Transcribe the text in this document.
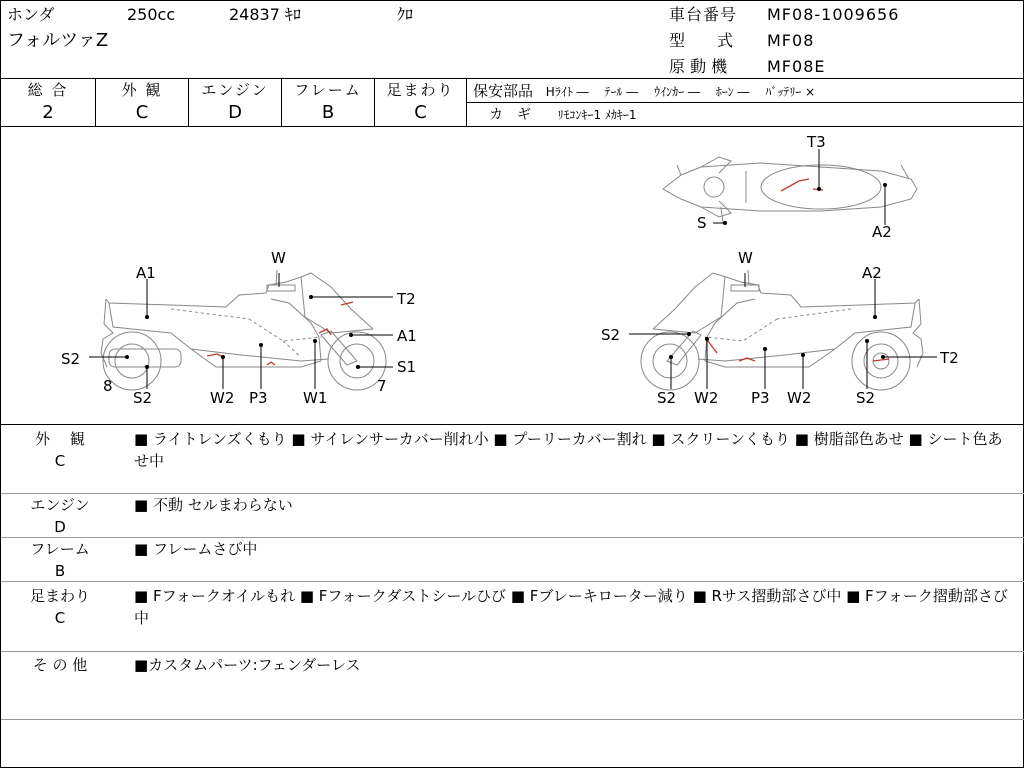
ホンダ	250cc	24837 ｷﾛ	ｸﾛ
フォルツァZ
車台番号 MF08-1009656
型　　式 MF08
原 動 機 MF08E
総 合
2
外 観
C
エンジン
D
フレーム
B
足まわり
C
保安部品 Hﾗｲﾄ ―　 ﾃｰﾙ ―　 ｳｲﾝｶｰ ―　 ﾎｰﾝ ―　 ﾊﾞｯﾃﾘｰ ×
カ　ギ ﾘﾓｺﾝｷｰ1 ﾒｶｷｰ1
A1
W
T2
A1
S1
S2
8
S2	W2 P3 W1
7
W
A2
S2
T2
S2 W2 P3 W2	S2
T3
S	A2
外　 観
C
■ ライトレンズくもり ■ サイレンサーカバー削れ小 ■ プーリーカバー割れ ■ スクリーンくもり ■ 樹脂部色あせ ■ シート色あせ中
エンジン
D
■ 不動 セルまわらない
フレーム
B
■ フレームさび中
足まわり
C
■ Fフォークオイルもれ ■ Fフォークダストシールひび ■ Fブレーキローター減り ■ Rサス摺動部さび中 ■ Fフォーク摺動部さび中
そ の 他	■カスタムパーツ:フェンダーレス
